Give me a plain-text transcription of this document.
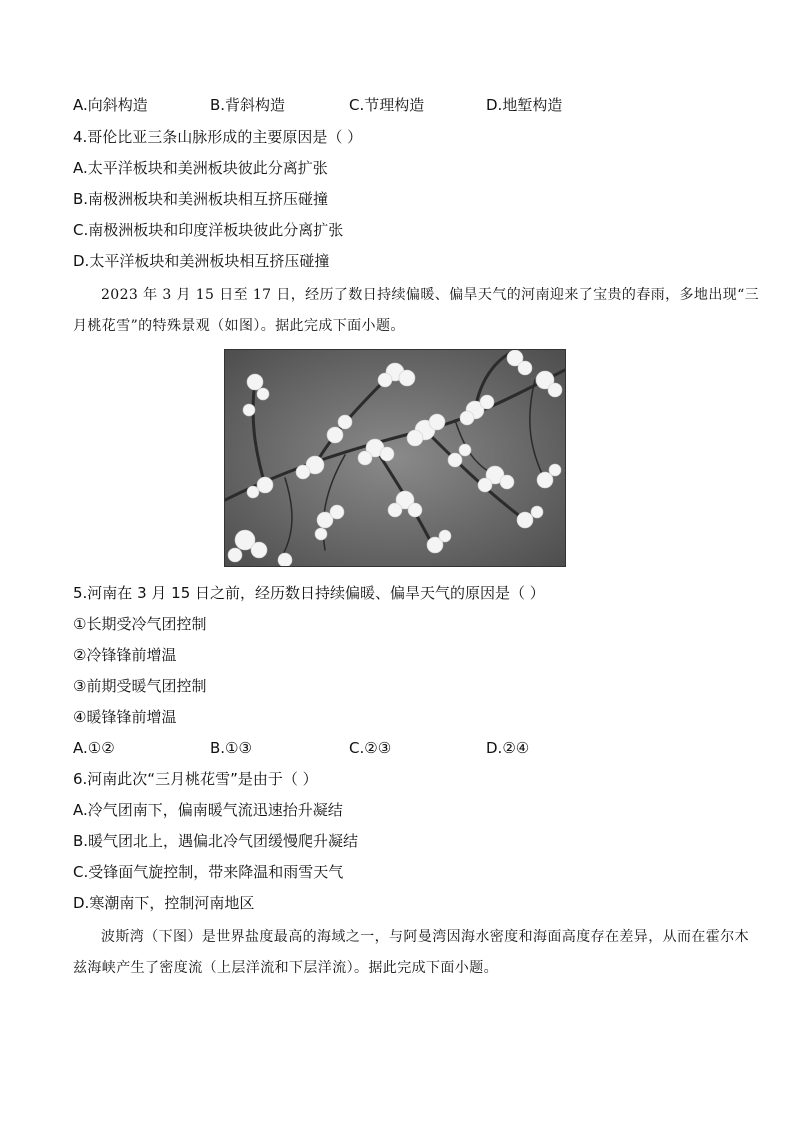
A.向斜构造	B.背斜构造	C.节理构造	D.地堑构造
4.哥伦比亚三条山脉形成的主要原因是（ ）
A.太平洋板块和美洲板块彼此分离扩张
B.南极洲板块和美洲板块相互挤压碰撞
C.南极洲板块和印度洋板块彼此分离扩张
D.太平洋板块和美洲板块相互挤压碰撞
2023 年 3 月 15 日至 17 日，经历了数日持续偏暖、偏旱天气的河南迎来了宝贵的春雨，多地出现“三月桃花雪”的特殊景观（如图）。据此完成下面小题。
5.河南在 3 月 15 日之前，经历数日持续偏暖、偏旱天气的原因是（ ）
①长期受冷气团控制
②冷锋锋前增温
③前期受暖气团控制
④暖锋锋前增温
A.①②	B.①③	C.②③	D.②④
6.河南此次“三月桃花雪”是由于（ ）
A.冷气团南下，偏南暖气流迅速抬升凝结
B.暖气团北上，遇偏北冷气团缓慢爬升凝结
C.受锋面气旋控制，带来降温和雨雪天气
D.寒潮南下，控制河南地区
波斯湾（下图）是世界盐度最高的海域之一，与阿曼湾因海水密度和海面高度存在差异，从而在霍尔木兹海峡产生了密度流（上层洋流和下层洋流）。据此完成下面小题。
